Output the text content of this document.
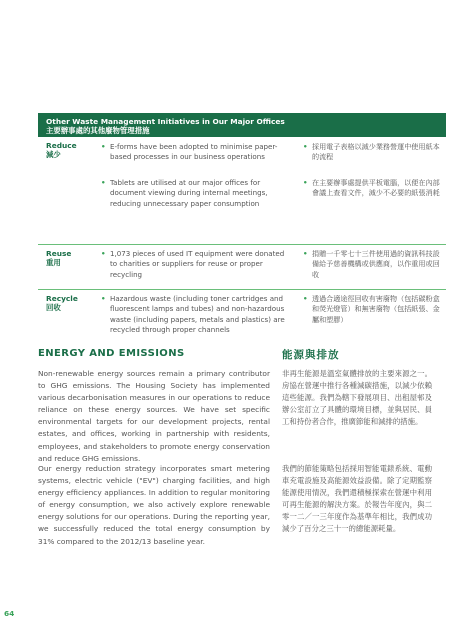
Other Waste Management Initiatives in Our Major Offices
主要辦事處的其他廢物管理措施
Reduce
減少
• E-forms have been adopted to minimise paper-based processes in our business operations
• 採用電子表格以減少業務營運中使用紙本的流程
• Tablets are utilised at our major offices for document viewing during internal meetings, reducing unnecessary paper consumption
• 在主要辦事處提供平板電腦，以便在內部會議上查看文件，減少不必要的紙張消耗
Reuse
重用
• 1,073 pieces of used IT equipment were donated to charities or suppliers for reuse or proper recycling
• 捐贈一千零七十三件使用過的資訊科技設備給予慈善機構或供應商，以作重用或回收
Recycle
回收
• Hazardous waste (including toner cartridges and fluorescent lamps and tubes) and non-hazardous waste (including papers, metals and plastics) are recycled through proper channels
• 透過合適途徑回收有害廢物（包括碳粉盒和熒光燈管）和無害廢物（包括紙張、金屬和塑膠）
ENERGY AND EMISSIONS	能源與排放

Non-renewable energy sources remain a primary contributor to GHG emissions. The Housing Society has implemented various decarbonisation measures in our operations to reduce reliance on these energy sources. We have set specific environmental targets for our development projects, rental estates, and offices, working in partnership with residents, employees, and stakeholders to promote energy conservation and reduce GHG emissions.

非再生能源是溫室氣體排放的主要來源之一。房協在營運中推行各種減碳措施，以減少依賴這些能源。我們為轄下發展項目、出租屋邨及辦公室訂立了具體的環境目標，並與居民、員工和持份者合作，推廣節能和減排的措施。

Our energy reduction strategy incorporates smart metering systems, electric vehicle ("EV") charging facilities, and high energy efficiency appliances. In addition to regular monitoring of energy consumption, we also actively explore renewable energy solutions for our operations. During the reporting year, we successfully reduced the total energy consumption by 31% compared to the 2012/13 baseline year.

我們的節能策略包括採用智能電錶系統、電動車充電設施及高能源效益設備。除了定期監察能源使用情況，我們還積極探索在營運中利用可再生能源的解決方案。於報告年度內，與二零一二／一三年度作為基準年相比，我們成功減少了百分之三十一的總能源耗量。

64
